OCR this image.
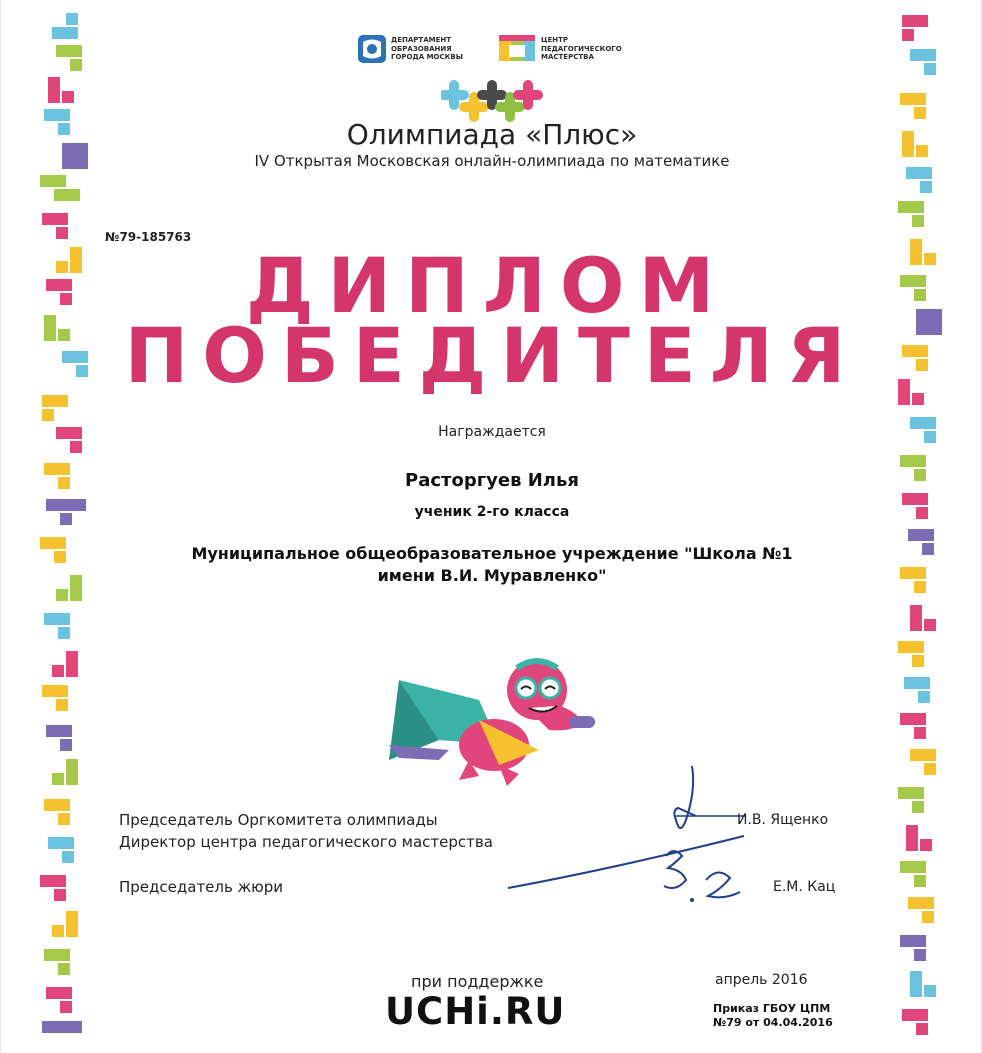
ДЕПАРТАМЕНТ
ОБРАЗОВАНИЯ
ГОРОДА МОСКВЫ
ЦЕНТР
ПЕДАГОГИЧЕСКОГО
МАСТЕРСТВА
Олимпиада «Плюс»
IV Открытая Московская онлайн-олимпиада по математике
№79-185763
ДИПЛОМ
ПОБЕДИТЕЛЯ
Награждается
Расторгуев Илья
ученик 2-го класса
Муниципальное общеобразовательное учреждение "Школа №1
имени В.И. Муравленко"
Председатель Оргкомитета олимпиады
Директор центра педагогического мастерства
И.В. Ященко
Председатель жюри	Е.М. Кац
при поддержке
UCHi.RU
апрель 2016
Приказ ГБОУ ЦПМ
№79 от 04.04.2016
